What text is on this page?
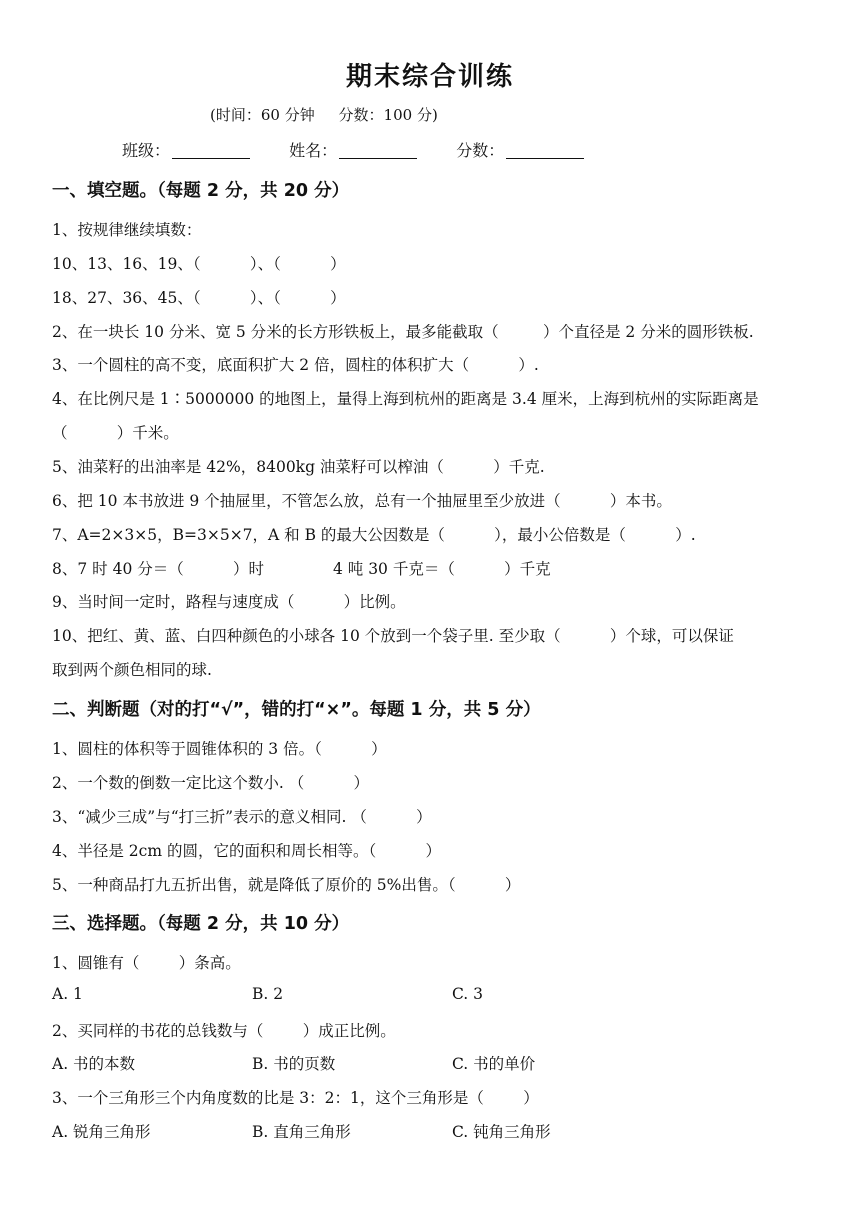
期末综合训练
(时间：60 分钟     分数：100 分)
班级：	姓名：	分数：
一、填空题。（每题 2 分，共 20 分）
1、按规律继续填数：
10、13、16、19、（          ）、（          ）
18、27、36、45、（          ）、（          ）
2、在一块长 10 分米、宽 5 分米的长方形铁板上，最多能截取（         ）个直径是 2 分米的圆形铁板.
3、一个圆柱的高不变，底面积扩大 2 倍，圆柱的体积扩大（          ）.
4、在比例尺是 1∶5000000 的地图上，量得上海到杭州的距离是 3.4 厘米，上海到杭州的实际距离是
（          ）千米。
5、油菜籽的出油率是 42%，8400kg 油菜籽可以榨油（          ）千克.
6、把 10 本书放进 9 个抽屉里，不管怎么放，总有一个抽屉里至少放进（          ）本书。
7、A=2×3×5，B=3×5×7，A 和 B 的最大公因数是（          ），最小公倍数是（          ）.
8、7 时 40 分＝（          ）时              4 吨 30 千克＝（          ）千克
9、当时间一定时，路程与速度成（          ）比例。
10、把红、黄、蓝、白四种颜色的小球各 10 个放到一个袋子里. 至少取（          ）个球，可以保证
取到两个颜色相同的球.
二、判断题（对的打“√”，错的打“×”。每题 1 分，共 5 分）
1、圆柱的体积等于圆锥体积的 3 倍。（          ）
2、一个数的倒数一定比这个数小. （          ）
3、“减少三成”与“打三折”表示的意义相同. （          ）
4、半径是 2cm 的圆，它的面积和周长相等。（          ）
5、一种商品打九五折出售，就是降低了原价的 5%出售。（          ）
三、选择题。（每题 2 分，共 10 分）
1、圆锥有（        ）条高。
A. 1	B. 2	C. 3
2、买同样的书花的总钱数与（        ）成正比例。
A. 书的本数	B. 书的页数	C. 书的单价
3、一个三角形三个内角度数的比是 3：2：1，这个三角形是（        ）
A. 锐角三角形	B. 直角三角形	C. 钝角三角形
